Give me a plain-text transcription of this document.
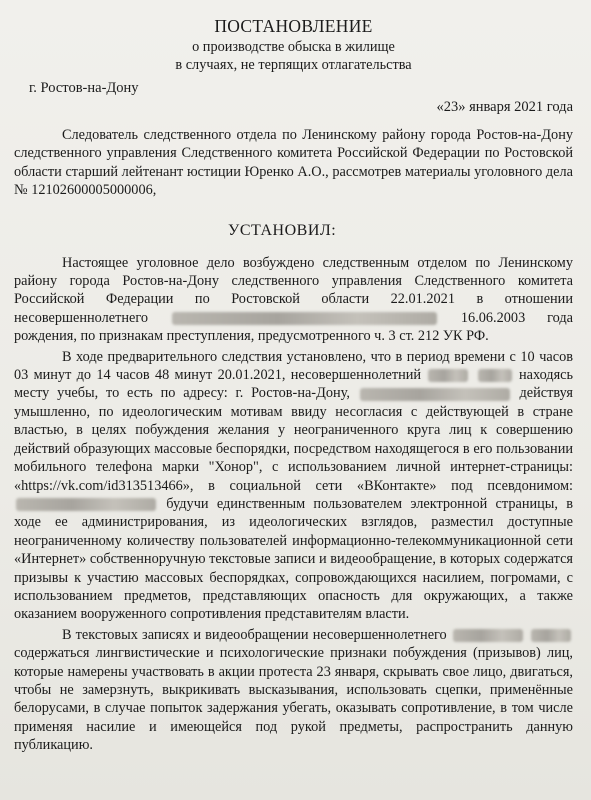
ПОСТАНОВЛЕНИЕ
о производстве обыска в жилище
в случаях, не терпящих отлагательства
г. Ростов-на-Дону
«23» января 2021 года

Следователь следственного отдела по Ленинскому району города Ростов-на-Дону следственного управления Следственного комитета Российской Федерации по Ростовской области старший лейтенант юстиции Юренко А.О., рассмотрев материалы уголовного дела № 12102600005000006,

УСТАНОВИЛ:

Настоящее уголовное дело возбуждено следственным отделом по Ленинскому району города Ростов-на-Дону следственного управления Следственного комитета Российской Федерации по Ростовской области 22.01.2021 в отношении несовершеннолетнего	16.06.2003 года рождения, по признакам преступления, предусмотренного ч. 3 ст. 212 УК РФ.

В ходе предварительного следствия установлено, что в период времени с 10 часов 03 минут до 14 часов 48 минут 20.01.2021, несовершеннолетний	находясь месту учебы, то есть по адресу: г. Ростов-на-Дону,	действуя умышленно, по идеологическим мотивам ввиду несогласия с действующей в стране властью, в целях побуждения желания у неограниченного круга лиц к совершению действий образующих массовые беспорядки, посредством находящегося в его пользовании мобильного телефона марки "Хонор", с использованием личной интернет-страницы: «https://vk.com/id313513466», в социальной сети «ВКонтакте» под псевдонимом:  будучи единственным пользователем электронной страницы, в ходе ее администрирования, из идеологических взглядов, разместил доступные неограниченному количеству пользователей информационно-телекоммуникационной сети «Интернет» собственноручную текстовые записи и видеообращение, в которых содержатся призывы к участию массовых беспорядках, сопровождающихся насилием, погромами, с использованием предметов, представляющих опасность для окружающих, а также оказанием вооруженного сопротивления представителям власти.

В текстовых записях и видеообращении несовершеннолетнего   содержаться лингвистические и психологические признаки побуждения (призывов) лиц, которые намерены участвовать в акции протеста 23 января, скрывать свое лицо, двигаться, чтобы не замерзнуть, выкрикивать высказывания, использовать сцепки, применённые белорусами, в случае попыток задержания убегать, оказывать сопротивление, в том числе применяя насилие и имеющейся под рукой предметы, распространить данную публикацию.
